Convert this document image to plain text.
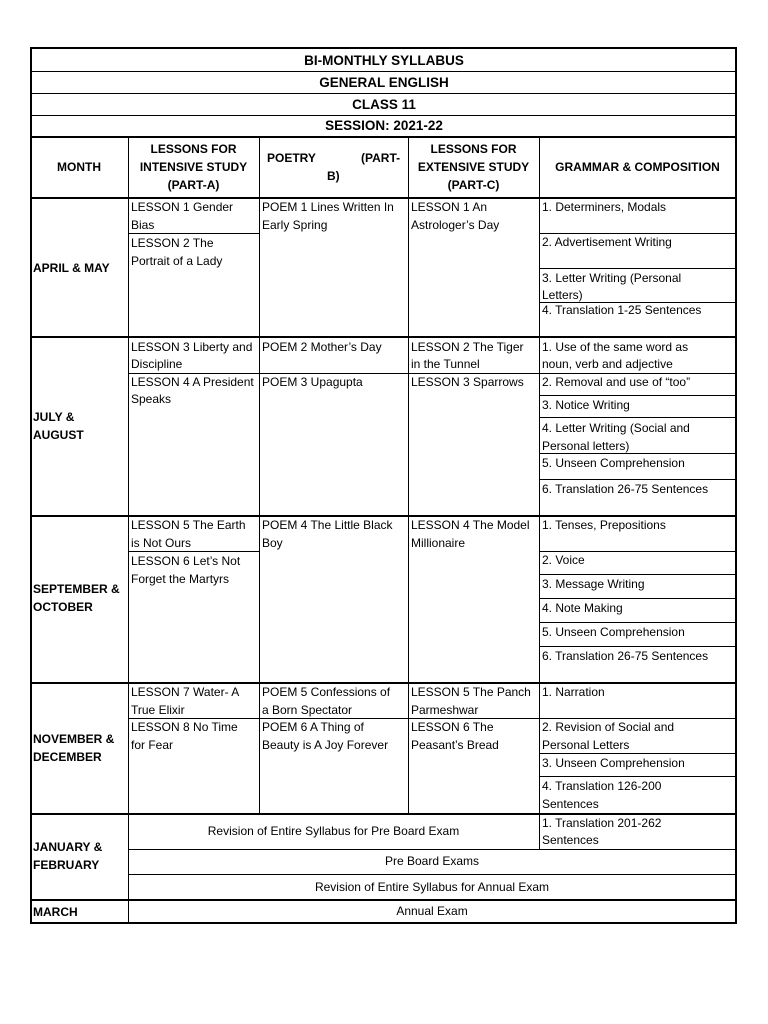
BI-MONTHLY SYLLABUS
GENERAL ENGLISH
CLASS 11
SESSION: 2021-22
MONTH
LESSONS FOR
INTENSIVE STUDY
(PART-A)
POETRY	(PART-
B)
LESSONS FOR
EXTENSIVE STUDY
(PART-C)
GRAMMAR & COMPOSITION
APRIL & MAY
LESSON 1 Gender
Bias
LESSON 2 The
Portrait of a Lady
POEM 1 Lines Written In
Early Spring
LESSON 1 An
Astrologer’s Day
1. Determiners, Modals
2. Advertisement Writing
3. Letter Writing (Personal
Letters)
4. Translation 1-25 Sentences
JULY &
AUGUST
LESSON 3 Liberty and
Discipline
LESSON 4 A President
Speaks
POEM 2 Mother’s Day
POEM 3 Upagupta
LESSON 2 The Tiger
in the Tunnel
LESSON 3 Sparrows
1. Use of the same word as
noun, verb and adjective
2. Removal and use of “too”
3. Notice Writing
4. Letter Writing (Social and
Personal letters)
5. Unseen Comprehension
6. Translation 26-75 Sentences
SEPTEMBER &
OCTOBER
LESSON 5 The Earth
is Not Ours
LESSON 6 Let’s Not
Forget the Martyrs
POEM 4 The Little Black
Boy
LESSON 4 The Model
Millionaire
1. Tenses, Prepositions
2. Voice
3. Message Writing
4. Note Making
5. Unseen Comprehension
6. Translation 26-75 Sentences
NOVEMBER &
DECEMBER
LESSON 7 Water- A
True Elixir
LESSON 8 No Time
for Fear
POEM 5 Confessions of
a Born Spectator
POEM 6 A Thing of
Beauty is A Joy Forever
LESSON 5 The Panch
Parmeshwar
LESSON 6 The
Peasant’s Bread
1. Narration
2. Revision of Social and
Personal Letters
3. Unseen Comprehension
4. Translation 126-200
Sentences
JANUARY &
FEBRUARY
Revision of Entire Syllabus for Pre Board Exam
1. Translation 201-262
Sentences
Pre Board Exams
Revision of Entire Syllabus for Annual Exam
MARCH	Annual Exam
